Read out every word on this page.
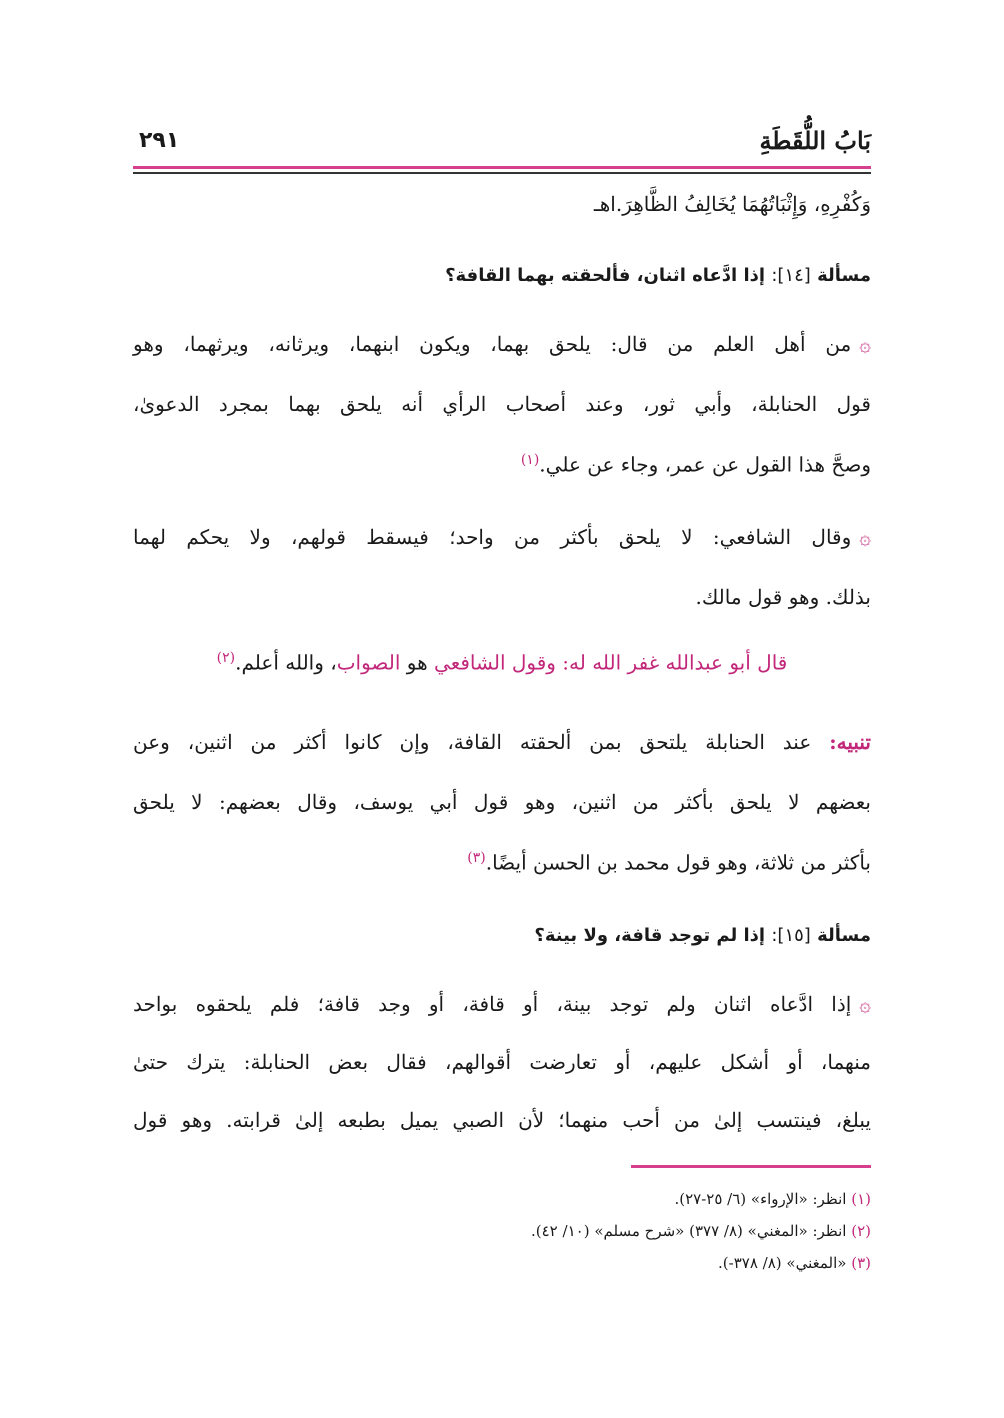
بَابُ اللُّقَطَةِ
٢٩١
وَكُفْرِهِ، وَإِثْبَاتُهُمَا يُخَالِفُ الظَّاهِرَ.اهـ
مسألة [١٤]: إذا ادَّعاه اثنان، فألحقته بهما القافة؟
۞من أهل العلم من قال: يلحق بهما، ويكون ابنهما، ويرثانه، ويرثهما، وهو
قول الحنابلة، وأبي ثور، وعند أصحاب الرأي أنه يلحق بهما بمجرد الدعوىٰ،
وصحَّ هذا القول عن عمر، وجاء عن علي.$^{(١)}$
۞وقال الشافعي: لا يلحق بأكثر من واحد؛ فيسقط قولهم، ولا يحكم لهما
بذلك. وهو قول مالك.
قال أبو عبدالله غفر الله له: وقول الشافعي هو الصواب، والله أعلم.$^{(٢)}$
تنبيه: عند الحنابلة يلتحق بمن ألحقته القافة، وإن كانوا أكثر من اثنين، وعن
بعضهم لا يلحق بأكثر من اثنين، وهو قول أبي يوسف، وقال بعضهم: لا يلحق
بأكثر من ثلاثة، وهو قول محمد بن الحسن أيضًا.$^{(٣)}$
مسألة [١٥]: إذا لم توجد قافة، ولا بينة؟
۞إذا ادَّعاه اثنان ولم توجد بينة، أو قافة، أو وجد قافة؛ فلم يلحقوه بواحد
منهما، أو أشكل عليهم، أو تعارضت أقوالهم، فقال بعض الحنابلة: يترك حتىٰ
يبلغ، فينتسب إلىٰ من أحب منهما؛ لأن الصبي يميل بطبعه إلىٰ قرابته. وهو قول
(١) انظر: «الإرواء» (٦/ ٢٥-٢٧).
(٢) انظر: «المغني» (٨/ ٣٧٧) «شرح مسلم» (١٠/ ٤٢).
(٣) «المغني» (٨/ ٣٧٨-).
